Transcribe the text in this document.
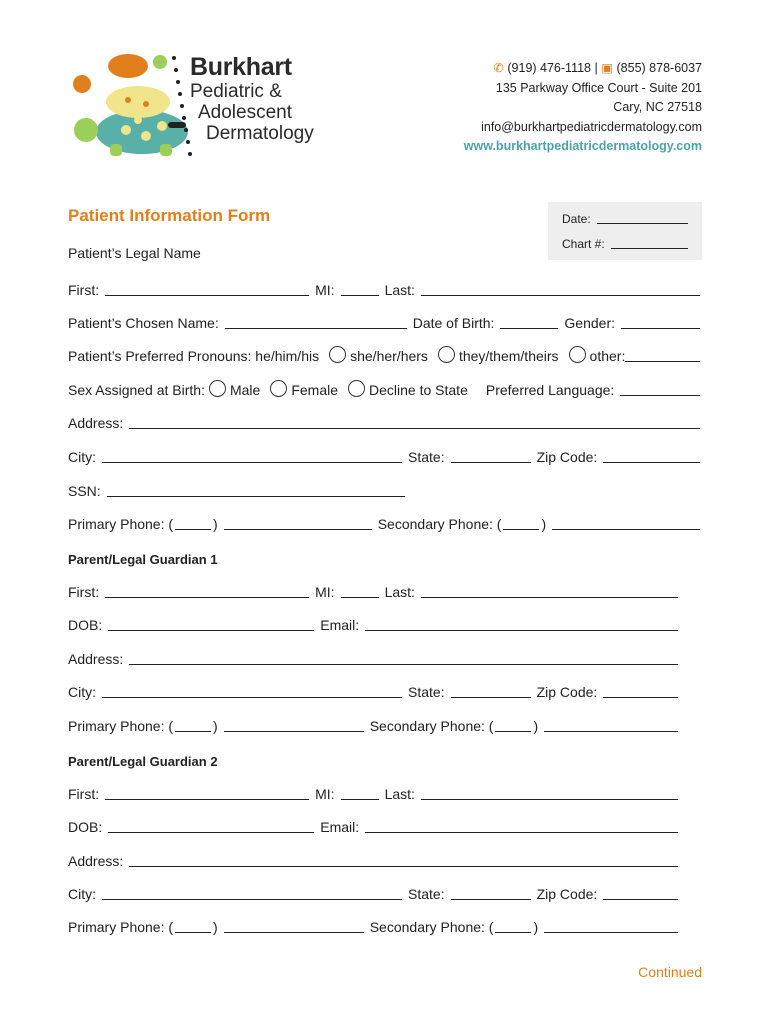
Burkhart
Pediatric &
Adolescent
Dermatology
✆ (919) 476-1118 | ▣ (855) 878-6037
135 Parkway Office Court - Suite 201
Cary, NC 27518
info@burkhartpediatricdermatology.com
www.burkhartpediatricdermatology.com
Patient Information Form	Date:
Chart #:
Patient’s Legal Name
First:	MI:	Last:
Patient’s Chosen Name:	Date of Birth:	Gender:
Patient’s Preferred Pronouns: he/him/his she/her/hers they/them/theirs other:
Sex Assigned at Birth: Male Female Decline to State Preferred Language:
Address:
City:	State:	Zip Code:
SSN:
Primary Phone: (	)	Secondary Phone: (	)
Parent/Legal Guardian 1
First:	MI:	Last:
DOB:	Email:
Address:
City:	State:	Zip Code:
Primary Phone: (	)	Secondary Phone: (	)
Parent/Legal Guardian 2
First:	MI:	Last:
DOB:	Email:
Address:
City:	State:	Zip Code:
Primary Phone: (	)	Secondary Phone: (	)
Continued
